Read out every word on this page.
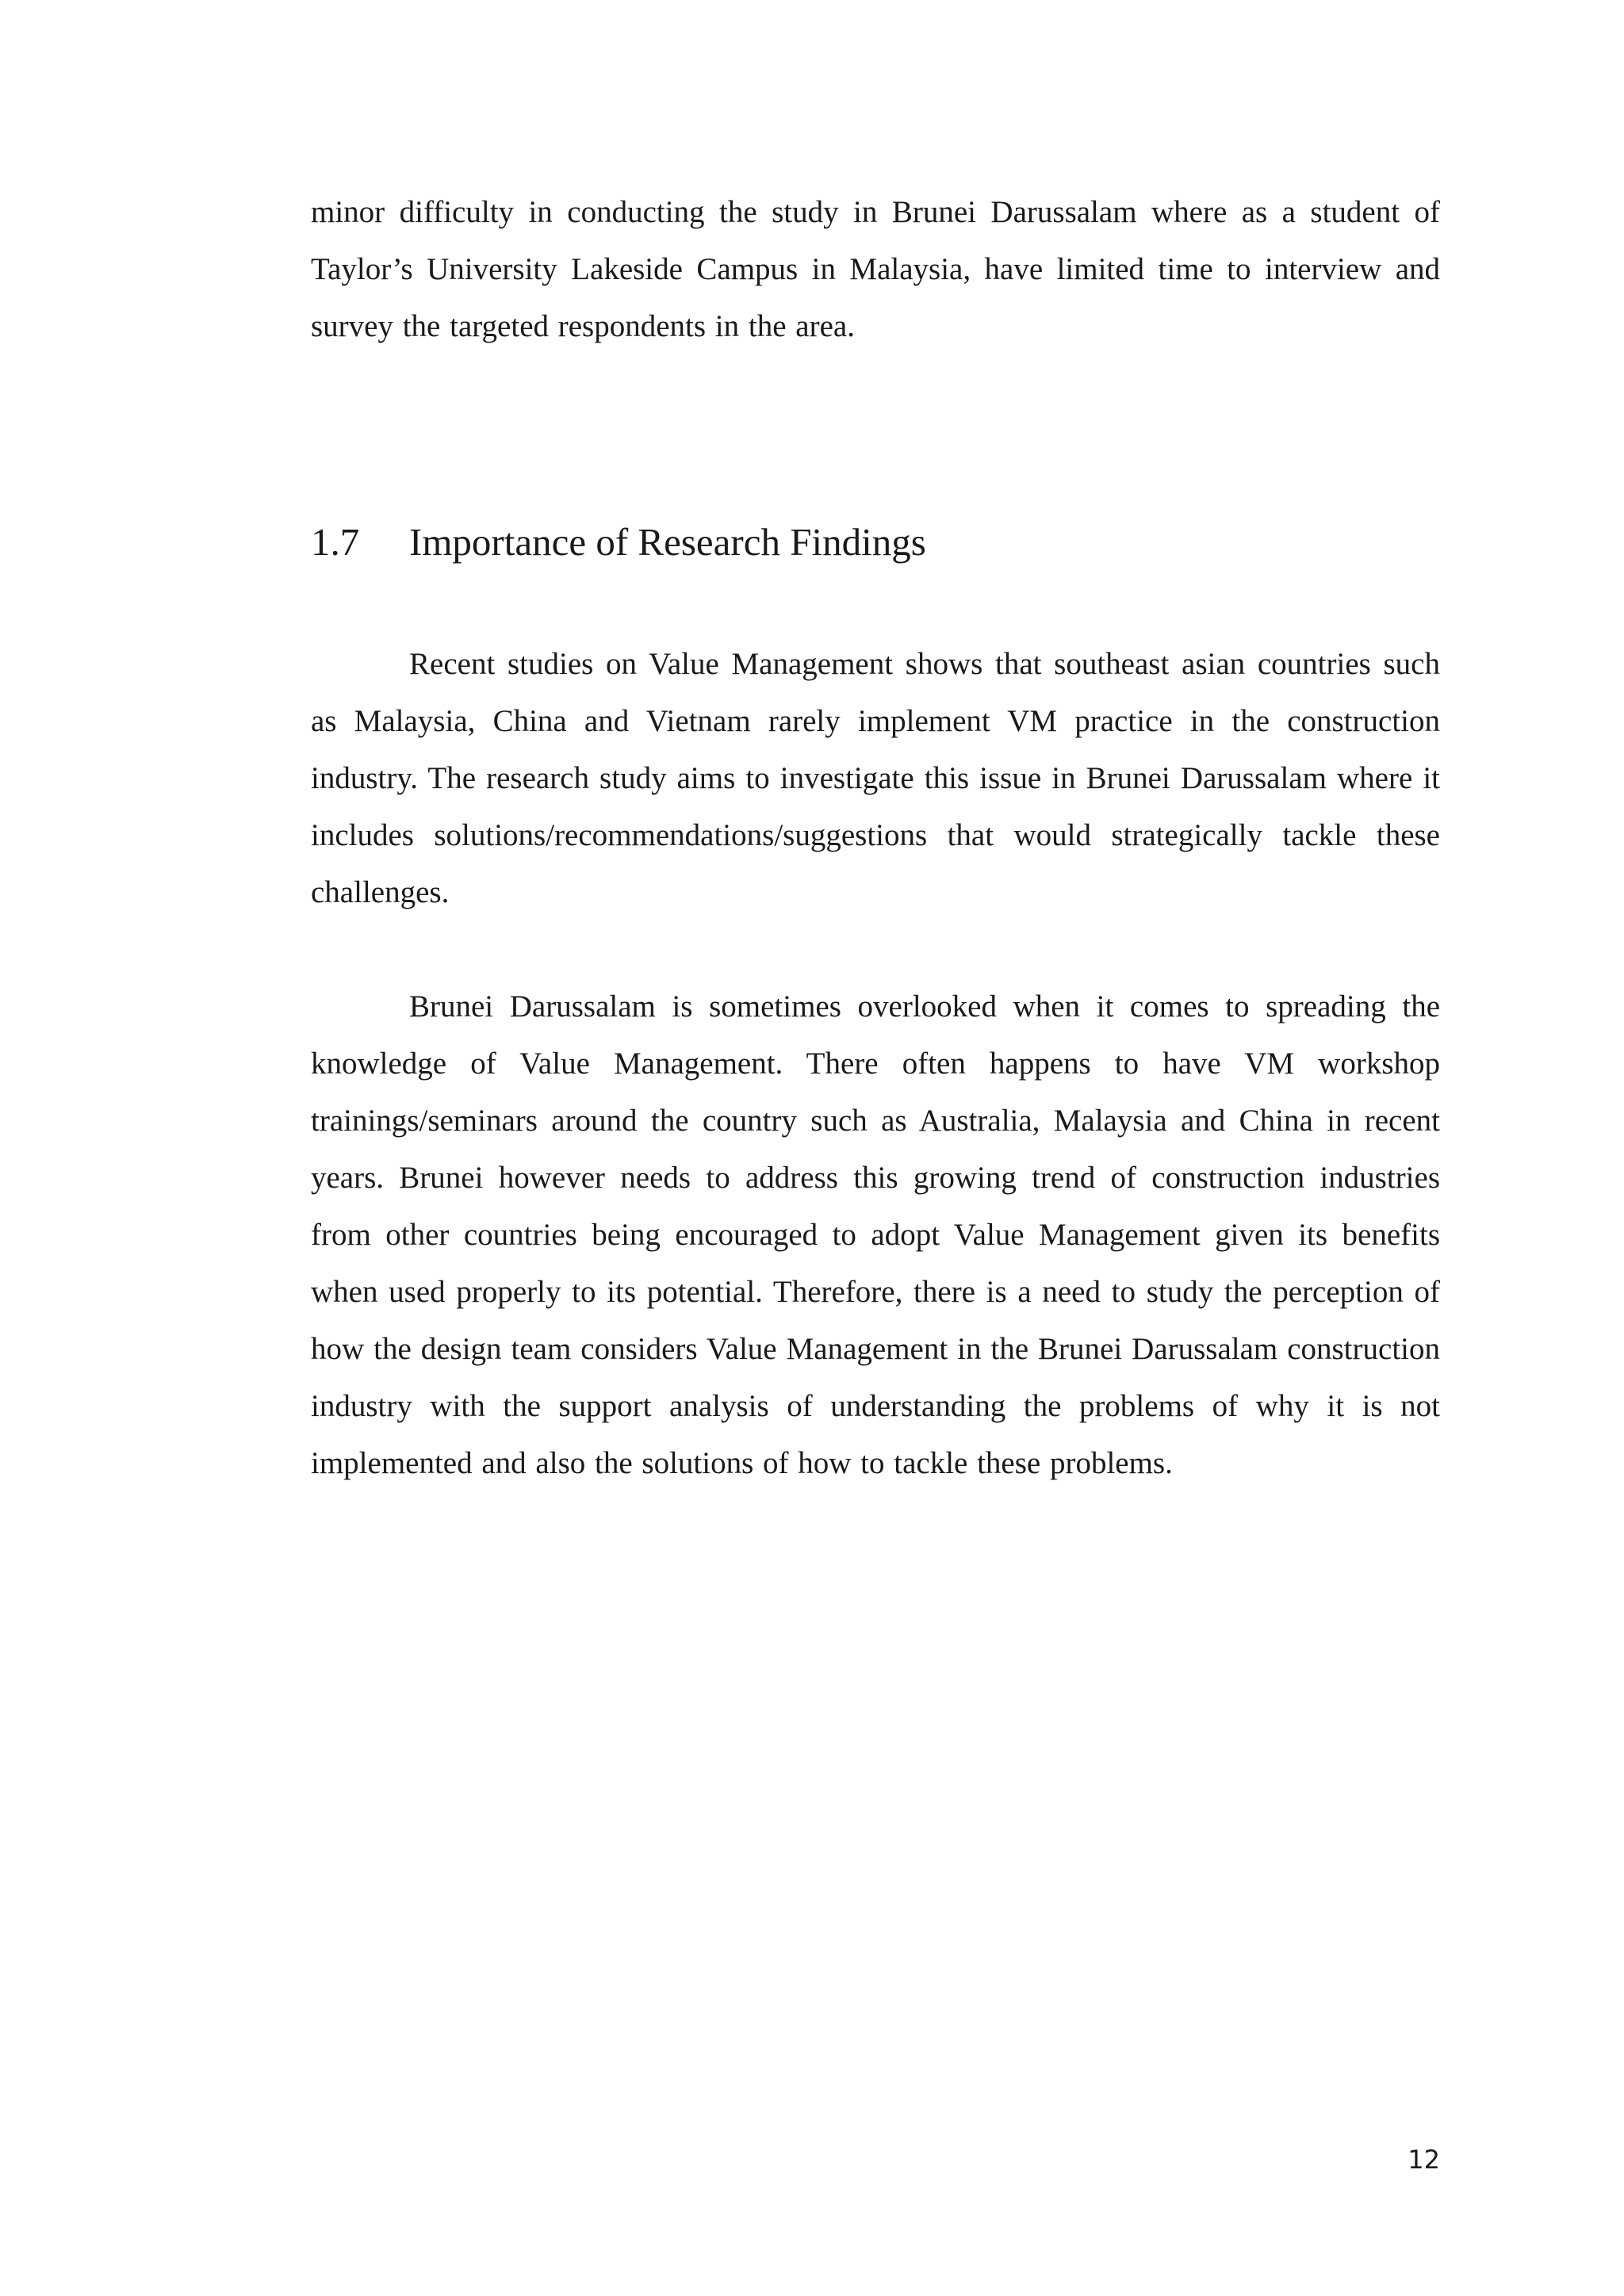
minor difficulty in conducting the study in Brunei Darussalam where as a student of Taylor’s University Lakeside Campus in Malaysia, have limited time to interview and survey the targeted respondents in the area.

1.7 Importance of Research Findings

Recent studies on Value Management shows that southeast asian countries such as Malaysia, China and Vietnam rarely implement VM practice in the construction industry. The research study aims to investigate this issue in Brunei Darussalam where it includes solutions/recommendations/suggestions that would strategically tackle these challenges.

Brunei Darussalam is sometimes overlooked when it comes to spreading the knowledge of Value Management. There often happens to have VM workshop trainings/seminars around the country such as Australia, Malaysia and China in recent years. Brunei however needs to address this growing trend of construction industries from other countries being encouraged to adopt Value Management given its benefits when used properly to its potential. Therefore, there is a need to study the perception of how the design team considers Value Management in the Brunei Darussalam construction industry with the support analysis of understanding the problems of why it is not implemented and also the solutions of how to tackle these problems.

12
